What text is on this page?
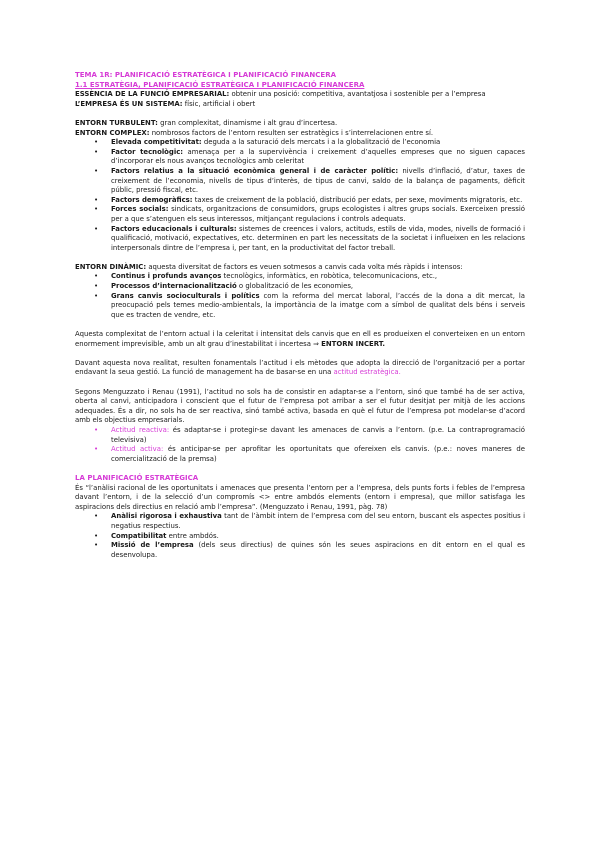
TEMA 1R: PLANIFICACIÓ ESTRATÈGICA I PLANIFICACIÓ FINANCERA

1.1 ESTRATÈGIA, PLANIFICACIÓ ESTRATÈGICA I PLANIFICACIÓ FINANCERA

ESSÈNCIA DE LA FUNCIÓ EMPRESARIAL: obtenir una posició: competitiva, avantatjosa i sostenible per a l’empresa

L’EMPRESA ÉS UN SISTEMA: físic, artificial i obert

ENTORN TURBULENT: gran complexitat, dinamisme i alt grau d’incertesa.

ENTORN COMPLEX: nombrosos factors de l’entorn resulten ser estratègics i s’interrelacionen entre sí.

• Elevada competitivitat: deguda a la saturació dels mercats i a la globalització de l’economia
• Factor tecnològic: amenaça per a la supervivència i creixement d’aquelles empreses que no siguen capaces d’incorporar els nous avanços tecnològics amb celeritat
• Factors relatius a la situació econòmica general i de caràcter polític: nivells d’inflació, d’atur, taxes de creixement de l’economia, nivells de tipus d’interès, de tipus de canvi, saldo de la balança de pagaments, dèficit públic, pressió fiscal, etc.
• Factors demogràfics: taxes de creixement de la població, distribució per edats, per sexe, moviments migratoris, etc.
• Forces socials: sindicats, organitzacions de consumidors, grups ecologistes i altres grups socials. Exerceixen pressió per a que s’atenguen els seus interessos, mitjançant regulacions i controls adequats.
• Factors educacionals i culturals: sistemes de creences i valors, actituds, estils de vida, modes, nivells de formació i qualificació, motivació, expectatives, etc. determinen en part les necessitats de la societat i influeixen en les relacions interpersonals dintre de l’empresa i, per tant, en la productivitat del factor treball.

ENTORN DINÀMIC: aquesta diversitat de factors es veuen sotmesos a canvis cada volta més ràpids i intensos:

• Continus i profunds avanços tecnològics, informàtics, en robòtica, telecomunicacions, etc.,
• Processos d’internacionalització o globalització de les economies,
• Grans canvis socioculturals i polítics com la reforma del mercat laboral, l’accés de la dona a dit mercat, la preocupació pels temes medio-ambientals, la importància de la imatge com a símbol de qualitat dels béns i serveis que es tracten de vendre, etc.

Aquesta complexitat de l’entorn actual i la celeritat i intensitat dels canvis que en ell es produeixen el converteixen en un entorn enormement imprevisible, amb un alt grau d’inestabilitat i incertesa ⇒ ENTORN INCERT.

Davant aquesta nova realitat, resulten fonamentals l’actitud i els mètodes que adopta la direcció de l’organització per a portar endavant la seua gestió. La funció de management ha de basar-se en una actitud estratègica.

Segons Menguzzato i Renau (1991), l’actitud no sols ha de consistir en adaptar-se a l’entorn, sinó que també ha de ser activa, oberta al canvi, anticipadora i conscient que el futur de l’empresa pot arribar a ser el futur desitjat per mitjà de les accions adequades. És a dir, no sols ha de ser reactiva, sinó també activa, basada en què el futur de l’empresa pot modelar-se d’acord amb els objectius empresarials.

• Actitud reactiva: és adaptar-se i protegir-se davant les amenaces de canvis a l’entorn. (p.e. La contraprogramació televisiva)
• Actitud activa: és anticipar-se per aprofitar les oportunitats que ofereixen els canvis. (p.e.: noves maneres de comercialització de la premsa)

LA PLANIFICACIÓ ESTRATÈGICA

És “l’anàlisi racional de les oportunitats i amenaces que presenta l’entorn per a l’empresa, dels punts forts i febles de l’empresa davant l’entorn, i de la selecció d’un compromís <> entre ambdós elements (entorn i empresa), que millor satisfaga les aspiracions dels directius en relació amb l’empresa”. (Menguzzato i Renau, 1991, pàg. 78)

• Anàlisi rigorosa i exhaustiva tant de l’àmbit intern de l’empresa com del seu entorn, buscant els aspectes positius i negatius respectius.
• Compatibilitat entre ambdós.
• Missió de l’empresa (dels seus directius) de quines són les seues aspiracions en dit entorn en el qual es desenvolupa.
